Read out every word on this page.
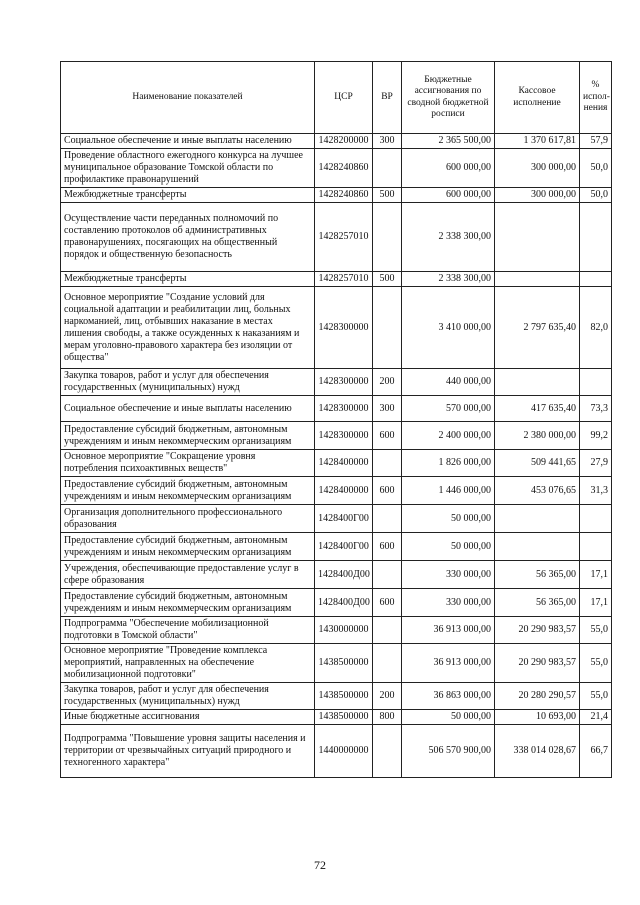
Наименование показателей	ЦСР	ВР	Бюджетные ассигнования по сводной бюджетной росписи	Кассовое исполнение	% испол-нения
Социальное обеспечение и иные выплаты населению	1428200000	300	2 365 500,00	1 370 617,81	57,9
Проведение областного ежегодного конкурса на лучшее муниципальное образование Томской области по профилактике правонарушений	1428240860		600 000,00	300 000,00	50,0
Межбюджетные трансферты	1428240860	500	600 000,00	300 000,00	50,0
Осуществление части переданных полномочий по составлению протоколов об административных правонарушениях, посягающих на общественный порядок и общественную безопасность	1428257010		2 338 300,00		
Межбюджетные трансферты	1428257010	500	2 338 300,00		
Основное мероприятие "Создание условий для социальной адаптации и реабилитации лиц, больных наркоманией, лиц, отбывших наказание в местах лишения свободы, а также осужденных к наказаниям и мерам уголовно-правового характера без изоляции от общества"	1428300000		3 410 000,00	2 797 635,40	82,0
Закупка товаров, работ и услуг для обеспечения государственных (муниципальных) нужд	1428300000	200	440 000,00		
Социальное обеспечение и иные выплаты населению	1428300000	300	570 000,00	417 635,40	73,3
Предоставление субсидий бюджетным, автономным учреждениям и иным некоммерческим организациям	1428300000	600	2 400 000,00	2 380 000,00	99,2
Основное мероприятие "Сокращение уровня потребления психоактивных веществ"	1428400000		1 826 000,00	509 441,65	27,9
Предоставление субсидий бюджетным, автономным учреждениям и иным некоммерческим организациям	1428400000	600	1 446 000,00	453 076,65	31,3
Организация дополнительного профессионального образования	1428400Г00		50 000,00		
Предоставление субсидий бюджетным, автономным учреждениям и иным некоммерческим организациям	1428400Г00	600	50 000,00		
Учреждения, обеспечивающие предоставление услуг в сфере образования	1428400Д00		330 000,00	56 365,00	17,1
Предоставление субсидий бюджетным, автономным учреждениям и иным некоммерческим организациям	1428400Д00	600	330 000,00	56 365,00	17,1
Подпрограмма "Обеспечение мобилизационной подготовки в Томской области"	1430000000		36 913 000,00	20 290 983,57	55,0
Основное мероприятие "Проведение комплекса мероприятий, направленных на обеспечение мобилизационной подготовки"	1438500000		36 913 000,00	20 290 983,57	55,0
Закупка товаров, работ и услуг для обеспечения государственных (муниципальных) нужд	1438500000	200	36 863 000,00	20 280 290,57	55,0
Иные бюджетные ассигнования	1438500000	800	50 000,00	10 693,00	21,4
Подпрограмма "Повышение уровня защиты населения и территории от чрезвычайных ситуаций природного и техногенного характера"	1440000000		506 570 900,00	338 014 028,67	66,7
72
